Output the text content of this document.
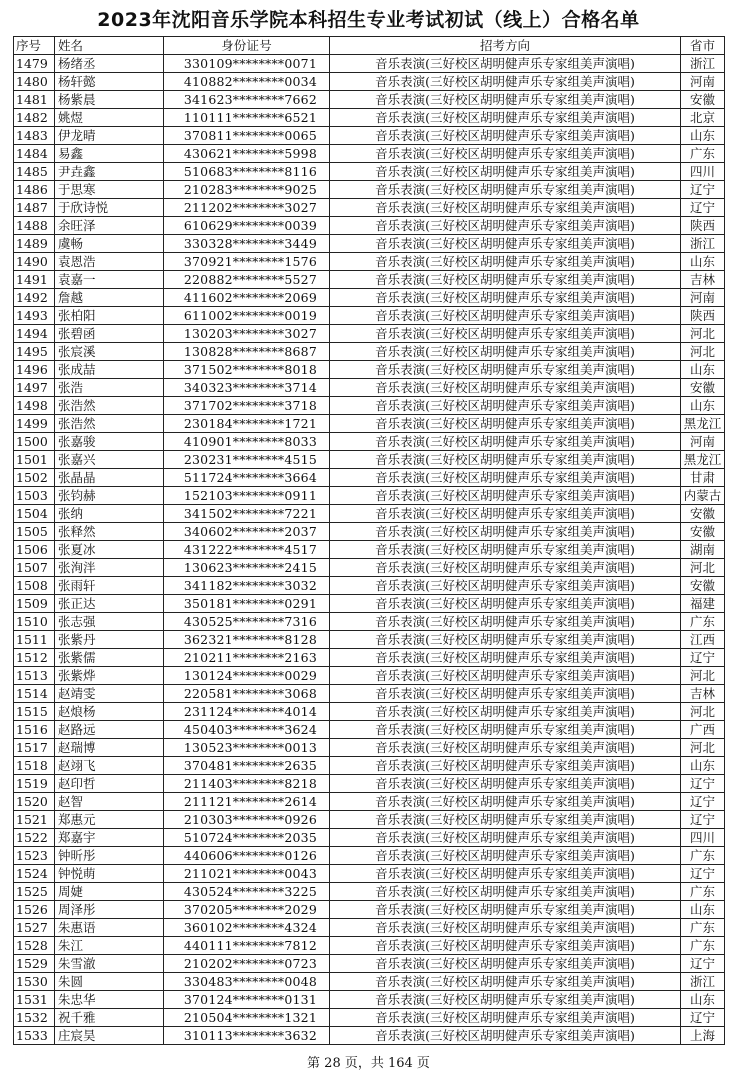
2023年沈阳音乐学院本科招生专业考试初试（线上）合格名单
序号	姓名	身份证号	招考方向	省市
1479	杨绪丞	330109********0071	音乐表演(三好校区胡明健声乐专家组美声演唱)	浙江
1480	杨轩懿	410882********0034	音乐表演(三好校区胡明健声乐专家组美声演唱)	河南
1481	杨紫晨	341623********7662	音乐表演(三好校区胡明健声乐专家组美声演唱)	安徽
1482	姚煜	110111********6521	音乐表演(三好校区胡明健声乐专家组美声演唱)	北京
1483	伊龙晴	370811********0065	音乐表演(三好校区胡明健声乐专家组美声演唱)	山东
1484	易鑫	430621********5998	音乐表演(三好校区胡明健声乐专家组美声演唱)	广东
1485	尹垚鑫	510683********8116	音乐表演(三好校区胡明健声乐专家组美声演唱)	四川
1486	于思寒	210283********9025	音乐表演(三好校区胡明健声乐专家组美声演唱)	辽宁
1487	于欣诗悦	211202********3027	音乐表演(三好校区胡明健声乐专家组美声演唱)	辽宁
1488	余旺泽	610629********0039	音乐表演(三好校区胡明健声乐专家组美声演唱)	陕西
1489	虞畅	330328********3449	音乐表演(三好校区胡明健声乐专家组美声演唱)	浙江
1490	袁恩浩	370921********1576	音乐表演(三好校区胡明健声乐专家组美声演唱)	山东
1491	袁嘉一	220882********5527	音乐表演(三好校区胡明健声乐专家组美声演唱)	吉林
1492	詹越	411602********2069	音乐表演(三好校区胡明健声乐专家组美声演唱)	河南
1493	张柏阳	611002********0019	音乐表演(三好校区胡明健声乐专家组美声演唱)	陕西
1494	张碧函	130203********3027	音乐表演(三好校区胡明健声乐专家组美声演唱)	河北
1495	张宸溪	130828********8687	音乐表演(三好校区胡明健声乐专家组美声演唱)	河北
1496	张成喆	371502********8018	音乐表演(三好校区胡明健声乐专家组美声演唱)	山东
1497	张浩	340323********3714	音乐表演(三好校区胡明健声乐专家组美声演唱)	安徽
1498	张浩然	371702********3718	音乐表演(三好校区胡明健声乐专家组美声演唱)	山东
1499	张浩然	230184********1721	音乐表演(三好校区胡明健声乐专家组美声演唱)	黑龙江
1500	张嘉骏	410901********8033	音乐表演(三好校区胡明健声乐专家组美声演唱)	河南
1501	张嘉兴	230231********4515	音乐表演(三好校区胡明健声乐专家组美声演唱)	黑龙江
1502	张晶晶	511724********3664	音乐表演(三好校区胡明健声乐专家组美声演唱)	甘肃
1503	张钧赫	152103********0911	音乐表演(三好校区胡明健声乐专家组美声演唱)	内蒙古
1504	张纳	341502********7221	音乐表演(三好校区胡明健声乐专家组美声演唱)	安徽
1505	张释然	340602********2037	音乐表演(三好校区胡明健声乐专家组美声演唱)	安徽
1506	张夏冰	431222********4517	音乐表演(三好校区胡明健声乐专家组美声演唱)	湖南
1507	张洵泮	130623********2415	音乐表演(三好校区胡明健声乐专家组美声演唱)	河北
1508	张雨轩	341182********3032	音乐表演(三好校区胡明健声乐专家组美声演唱)	安徽
1509	张正达	350181********0291	音乐表演(三好校区胡明健声乐专家组美声演唱)	福建
1510	张志强	430525********7316	音乐表演(三好校区胡明健声乐专家组美声演唱)	广东
1511	张紫丹	362321********8128	音乐表演(三好校区胡明健声乐专家组美声演唱)	江西
1512	张紫儒	210211********2163	音乐表演(三好校区胡明健声乐专家组美声演唱)	辽宁
1513	张紫烨	130124********0029	音乐表演(三好校区胡明健声乐专家组美声演唱)	河北
1514	赵靖雯	220581********3068	音乐表演(三好校区胡明健声乐专家组美声演唱)	吉林
1515	赵烺杨	231124********4014	音乐表演(三好校区胡明健声乐专家组美声演唱)	河北
1516	赵路远	450403********3624	音乐表演(三好校区胡明健声乐专家组美声演唱)	广西
1517	赵瑞博	130523********0013	音乐表演(三好校区胡明健声乐专家组美声演唱)	河北
1518	赵翊飞	370481********2635	音乐表演(三好校区胡明健声乐专家组美声演唱)	山东
1519	赵印哲	211403********8218	音乐表演(三好校区胡明健声乐专家组美声演唱)	辽宁
1520	赵智	211121********2614	音乐表演(三好校区胡明健声乐专家组美声演唱)	辽宁
1521	郑惠元	210303********0926	音乐表演(三好校区胡明健声乐专家组美声演唱)	辽宁
1522	郑嘉宇	510724********2035	音乐表演(三好校区胡明健声乐专家组美声演唱)	四川
1523	钟昕彤	440606********0126	音乐表演(三好校区胡明健声乐专家组美声演唱)	广东
1524	钟悦萌	211021********0043	音乐表演(三好校区胡明健声乐专家组美声演唱)	辽宁
1525	周婕	430524********3225	音乐表演(三好校区胡明健声乐专家组美声演唱)	广东
1526	周泽彤	370205********2029	音乐表演(三好校区胡明健声乐专家组美声演唱)	山东
1527	朱惠语	360102********4324	音乐表演(三好校区胡明健声乐专家组美声演唱)	广东
1528	朱江	440111********7812	音乐表演(三好校区胡明健声乐专家组美声演唱)	广东
1529	朱雪澈	210202********0723	音乐表演(三好校区胡明健声乐专家组美声演唱)	辽宁
1530	朱圆	330483********0048	音乐表演(三好校区胡明健声乐专家组美声演唱)	浙江
1531	朱忠华	370124********0131	音乐表演(三好校区胡明健声乐专家组美声演唱)	山东
1532	祝千雅	210504********1321	音乐表演(三好校区胡明健声乐专家组美声演唱)	辽宁
1533	庄宸昊	310113********3632	音乐表演(三好校区胡明健声乐专家组美声演唱)	上海
第 28 页，共 164 页
